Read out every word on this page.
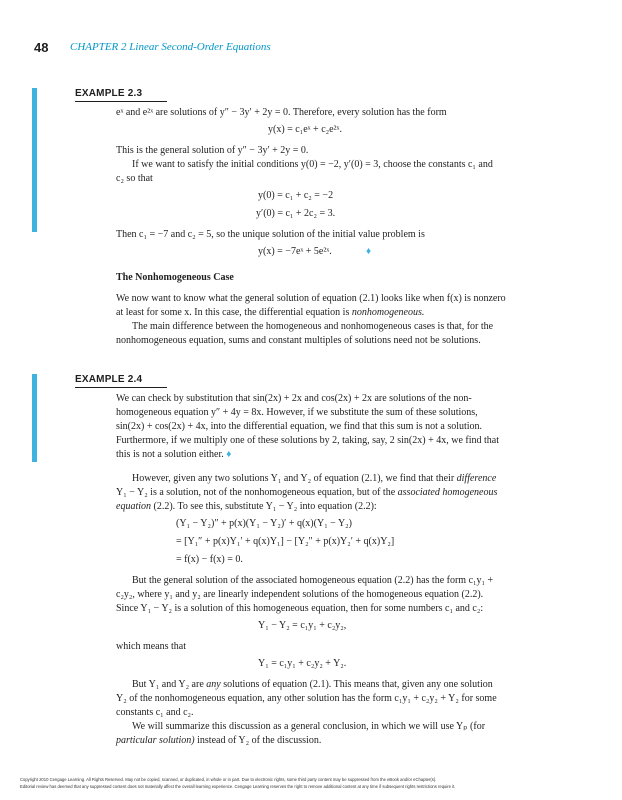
48 CHAPTER 2 Linear Second-Order Equations
EXAMPLE 2.3
eˣ and e²ˣ are solutions of y″ − 3y′ + 2y = 0. Therefore, every solution has the form
y(x) = c₁eˣ + c₂e²ˣ.
This is the general solution of y″ − 3y′ + 2y = 0.
If we want to satisfy the initial conditions y(0) = −2, y′(0) = 3, choose the constants c₁ and
c₂ so that
y(0) = c₁ + c₂ = −2
y′(0) = c₁ + 2c₂ = 3.
Then c₁ = −7 and c₂ = 5, so the unique solution of the initial value problem is
y(x) = −7eˣ + 5e²ˣ.	♦
The Nonhomogeneous Case
We now want to know what the general solution of equation (2.1) looks like when f(x) is nonzero
at least for some x. In this case, the differential equation is nonhomogeneous.
The main difference between the homogeneous and nonhomogeneous cases is that, for the
nonhomogeneous equation, sums and constant multiples of solutions need not be solutions.
EXAMPLE 2.4
We can check by substitution that sin(2x) + 2x and cos(2x) + 2x are solutions of the non-
homogeneous equation y″ + 4y = 8x. However, if we substitute the sum of these solutions,
sin(2x) + cos(2x) + 4x, into the differential equation, we find that this sum is not a solution.
Furthermore, if we multiply one of these solutions by 2, taking, say, 2 sin(2x) + 4x, we find that
this is not a solution either. ♦
However, given any two solutions Y₁ and Y₂ of equation (2.1), we find that their difference
Y₁ − Y₂ is a solution, not of the nonhomogeneous equation, but of the associated homogeneous
equation (2.2). To see this, substitute Y₁ − Y₂ into equation (2.2):
(Y₁ − Y₂)″ + p(x)(Y₁ − Y₂)′ + q(x)(Y₁ − Y₂)
= [Y₁″ + p(x)Y₁′ + q(x)Y₁] − [Y₂″ + p(x)Y₂′ + q(x)Y₂]
= f(x) − f(x) = 0.
But the general solution of the associated homogeneous equation (2.2) has the form c₁y₁ +
c₂y₂, where y₁ and y₂ are linearly independent solutions of the homogeneous equation (2.2).
Since Y₁ − Y₂ is a solution of this homogeneous equation, then for some numbers c₁ and c₂:
Y₁ − Y₂ = c₁y₁ + c₂y₂,
which means that
Y₁ = c₁y₁ + c₂y₂ + Y₂.
But Y₁ and Y₂ are any solutions of equation (2.1). This means that, given any one solution
Y₂ of the nonhomogeneous equation, any other solution has the form c₁y₁ + c₂y₂ + Y₂ for some
constants c₁ and c₂.
We will summarize this discussion as a general conclusion, in which we will use Yₚ (for
particular solution) instead of Y₂ of the discussion.
Copyright 2010 Cengage Learning. All Rights Reserved. May not be copied, scanned, or duplicated, in whole or in part. Due to electronic rights, some third party content may be suppressed from the eBook and/or eChapter(s).
Editorial review has deemed that any suppressed content does not materially affect the overall learning experience. Cengage Learning reserves the right to remove additional content at any time if subsequent rights restrictions require it.
